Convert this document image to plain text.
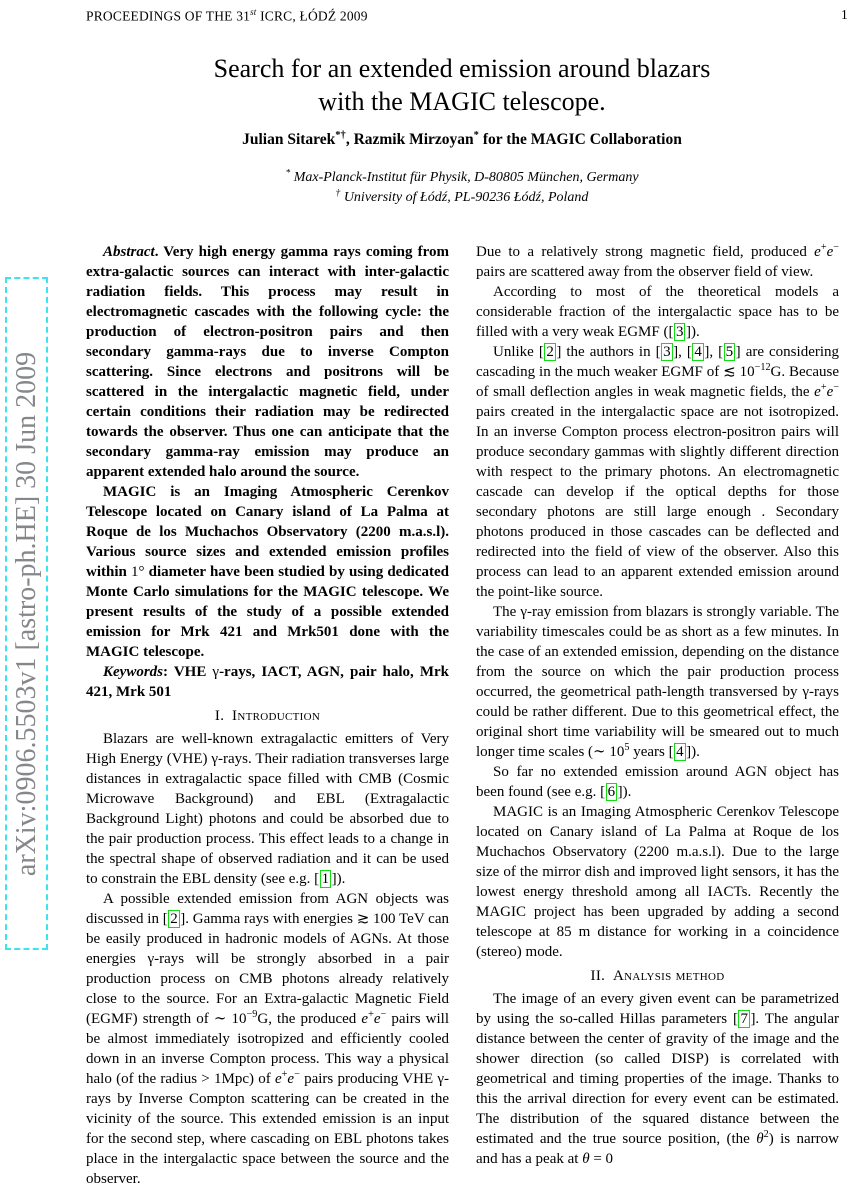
PROCEEDINGS OF THE 31st ICRC, ŁÓDŹ 2009	1
arXiv:0906.5503v1 [astro-ph.HE] 30 Jun 2009
Search for an extended emission around blazars
with the MAGIC telescope.
Julian Sitarek*†, Razmik Mirzoyan* for the MAGIC Collaboration
* Max-Planck-Institut für Physik, D-80805 München, Germany
† University of Łódź, PL-90236 Łódź, Poland
Abstract. Very high energy gamma rays coming from extra-galactic sources can interact with inter-galactic radiation fields. This process may result in electromagnetic cascades with the following cycle: the production of electron-positron pairs and then secondary gamma-rays due to inverse Compton scattering. Since electrons and positrons will be scattered in the intergalactic magnetic field, under certain conditions their radiation may be redirected towards the observer. Thus one can anticipate that the secondary gamma-ray emission may produce an apparent extended halo around the source.
MAGIC is an Imaging Atmospheric Cerenkov Telescope located on Canary island of La Palma at Roque de los Muchachos Observatory (2200 m.a.s.l). Various source sizes and extended emission profiles within 1° diameter have been studied by using dedicated Monte Carlo simulations for the MAGIC telescope. We present results of the study of a possible extended emission for Mrk 421 and Mrk501 done with the MAGIC telescope.
Keywords: VHE γ-rays, IACT, AGN, pair halo, Mrk 421, Mrk 501
I. Introduction
Blazars are well-known extragalactic emitters of Very High Energy (VHE) γ-rays. Their radiation transverses large distances in extragalactic space filled with CMB (Cosmic Microwave Background) and EBL (Extragalactic Background Light) photons and could be absorbed due to the pair production process. This effect leads to a change in the spectral shape of observed radiation and it can be used to constrain the EBL density (see e.g. [ 1 ]).
A possible extended emission from AGN objects was discussed in [ 2 ]. Gamma rays with energies ≳ 100 TeV can be easily produced in hadronic models of AGNs. At those energies γ-rays will be strongly absorbed in a pair production process on CMB photons already relatively close to the source. For an Extra-galactic Magnetic Field (EGMF) strength of ∼ $10^{-9}G$, the produced e+e− pairs will be almost immediately isotropized and efficiently cooled down in an inverse Compton process. This way a physical halo (of the radius > 1Mpc) of e+e− pairs producing VHE γ-rays by Inverse Compton scattering can be created in the vicinity of the source. This extended emission is an input for the second step, where cascading on EBL photons takes place in the intergalactic space between the source and the observer.
Due to a relatively strong magnetic field, produced e+e− pairs are scattered away from the observer field of view.
According to most of the theoretical models a considerable fraction of the intergalactic space has to be filled with a very weak EGMF ([ 3 ]).
Unlike [ 2 ] the authors in [ 3 ], [ 4 ], [ 5 ] are considering cascading in the much weaker EGMF of ≲ $10^{-12}G$. Because of small deflection angles in weak magnetic fields, the e+e− pairs created in the intergalactic space are not isotropized. In an inverse Compton process electron-positron pairs will produce secondary gammas with slightly different direction with respect to the primary photons. An electromagnetic cascade can develop if the optical depths for those secondary photons are still large enough . Secondary photons produced in those cascades can be deflected and redirected into the field of view of the observer. Also this process can lead to an apparent extended emission around the point-like source.
The γ-ray emission from blazars is strongly variable. The variability timescales could be as short as a few minutes. In the case of an extended emission, depending on the distance from the source on which the pair production process occurred, the geometrical path-length transversed by γ-rays could be rather different. Due to this geometrical effect, the original short time variability will be smeared out to much longer time scales (∼ $10^5$ years [ 4 ]).
So far no extended emission around AGN object has been found (see e.g. [ 6 ]).
MAGIC is an Imaging Atmospheric Cerenkov Telescope located on Canary island of La Palma at Roque de los Muchachos Observatory (2200 m.a.s.l). Due to the large size of the mirror dish and improved light sensors, it has the lowest energy threshold among all IACTs. Recently the MAGIC project has been upgraded by adding a second telescope at 85 m distance for working in a coincidence (stereo) mode.
II. Analysis method
The image of an every given event can be parametrized by using the so-called Hillas parameters [ 7 ]. The angular distance between the center of gravity of the image and the shower direction (so called DISP) is correlated with geometrical and timing properties of the image. Thanks to this the arrival direction for every event can be estimated. The distribution of the squared distance between the estimated and the true source position, (the $\theta^2$) is narrow and has a peak at θ = 0
